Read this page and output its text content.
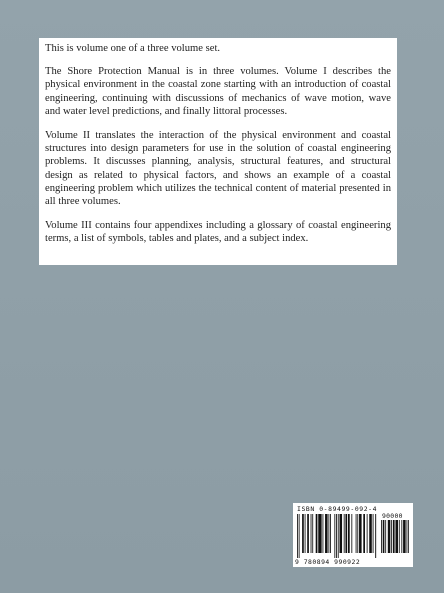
This is volume one of a three volume set.

The Shore Protection Manual is in three volumes. Volume I describes the physical environment in the coastal zone starting with an introduction of coastal engineering, continuing with discussions of mechanics of wave motion, wave and water level predictions, and finally littoral processes.

Volume II translates the interaction of the physical environment and coastal structures into design parameters for use in the solution of coastal engineering problems. It discusses planning, analysis, structural features, and structural design as related to physical factors, and shows an example of a coastal engineering problem which utilizes the technical content of material presented in all three volumes.

Volume III contains four appendixes including a glossary of coastal engineering terms, a list of symbols, tables and plates, and a subject index.

ISBN 0-89499-092-4
90000
9 780894 990922
